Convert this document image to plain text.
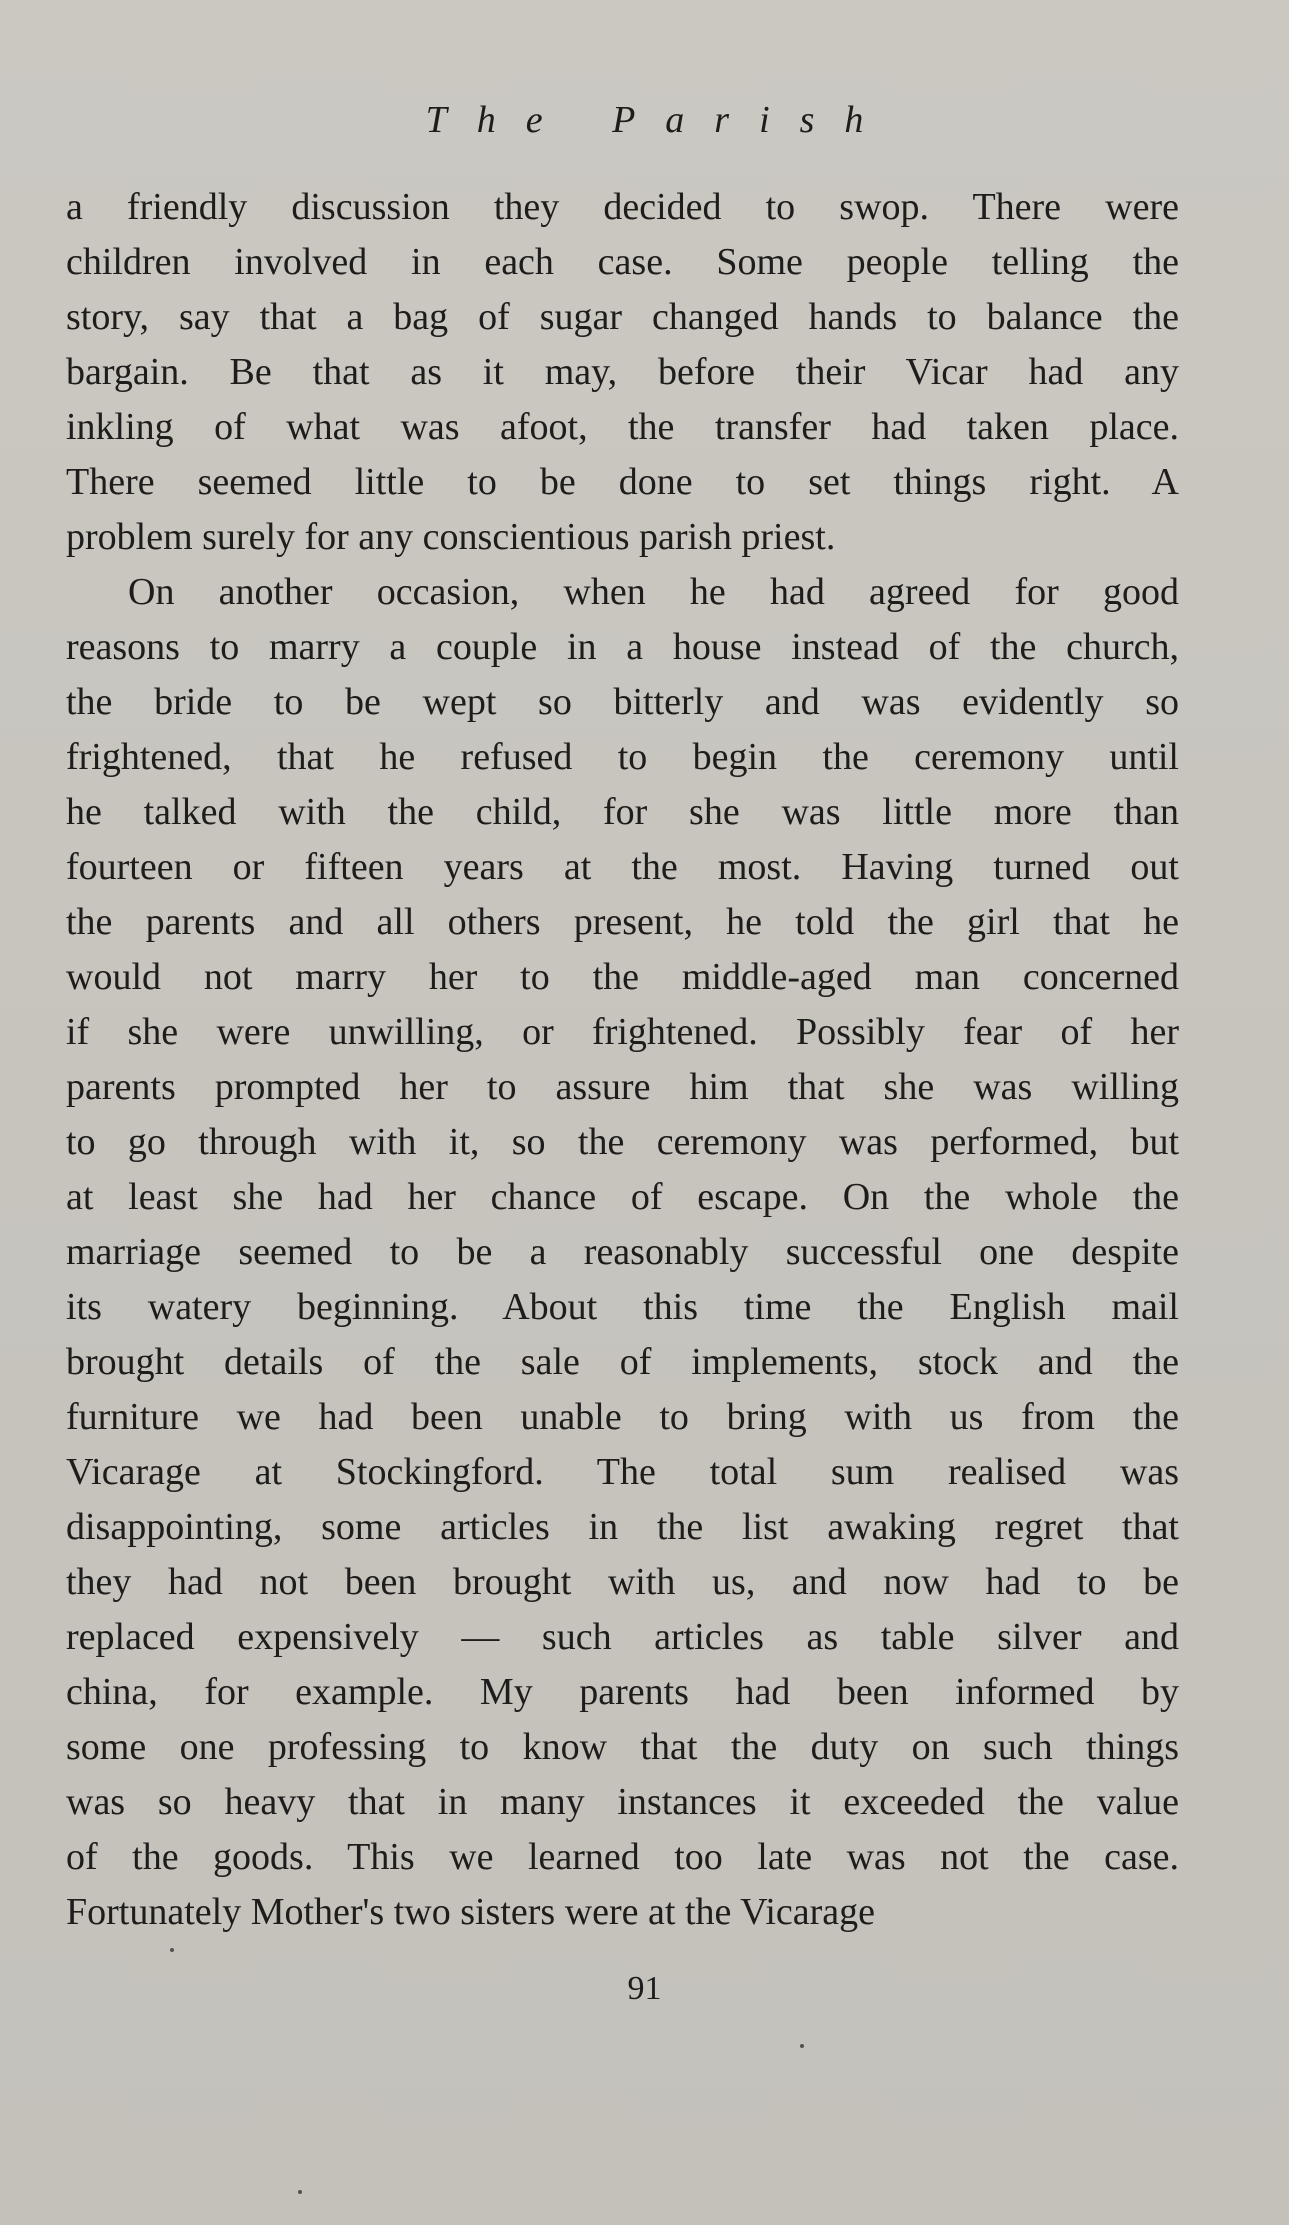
The Parish
a friendly discussion they decided to swop. There were
children involved in each case. Some people telling the
story, say that a bag of sugar changed hands to balance the
bargain. Be that as it may, before their Vicar had any
inkling of what was afoot, the transfer had taken place.
There seemed little to be done to set things right. A
problem surely for any conscientious parish priest.
On another occasion, when he had agreed for good
reasons to marry a couple in a house instead of the church,
the bride to be wept so bitterly and was evidently so
frightened, that he refused to begin the ceremony until
he talked with the child, for she was little more than
fourteen or fifteen years at the most. Having turned out
the parents and all others present, he told the girl that he
would not marry her to the middle-aged man concerned
if she were unwilling, or frightened. Possibly fear of her
parents prompted her to assure him that she was willing
to go through with it, so the ceremony was performed, but
at least she had her chance of escape. On the whole the
marriage seemed to be a reasonably successful one despite
its watery beginning. About this time the English mail
brought details of the sale of implements, stock and the
furniture we had been unable to bring with us from the
Vicarage at Stockingford. The total sum realised was
disappointing, some articles in the list awaking regret that
they had not been brought with us, and now had to be
replaced expensively — such articles as table silver and
china, for example. My parents had been informed by
some one professing to know that the duty on such things
was so heavy that in many instances it exceeded the value
of the goods. This we learned too late was not the case.
Fortunately Mother's two sisters were at the Vicarage
91
